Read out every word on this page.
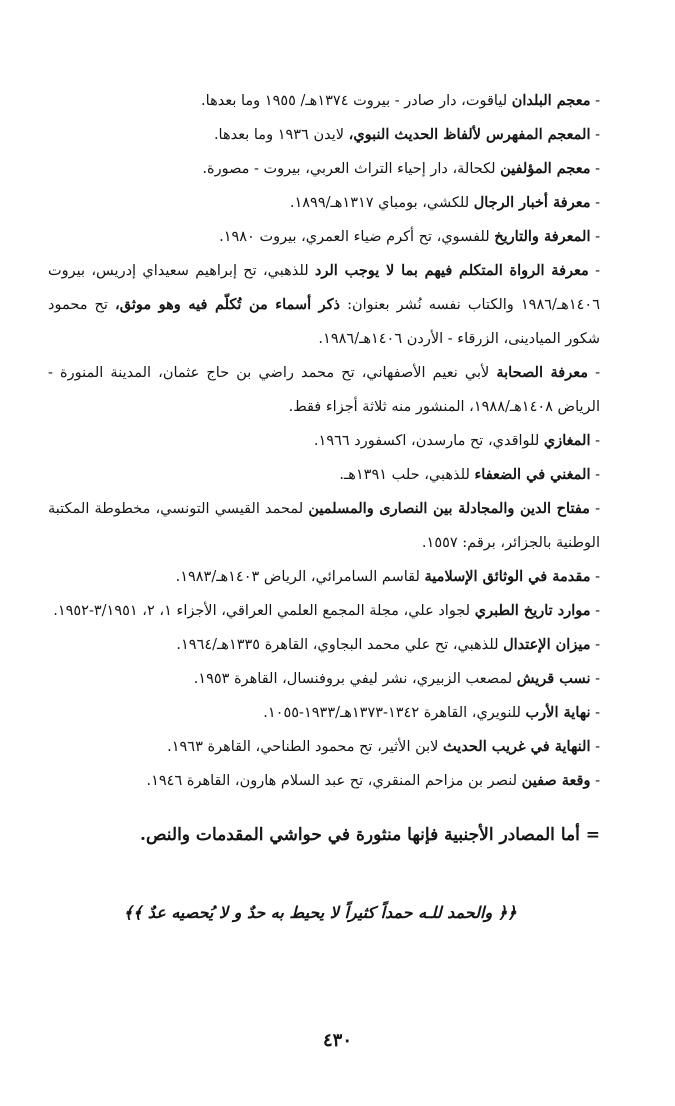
- معجم البلدان لياقوت، دار صادر - بيروت ١٣٧٤هـ/ ١٩٥٥ وما بعدها.

- المعجم المفهرس لألفاظ الحديث النبوي، لايدن ١٩٣٦ وما بعدها.

- معجم المؤلفين لكحالة، دار إحياء التراث العربي، بيروت - مصورة.

- معرفة أخبار الرجال للكشي، بومباي ١٣١٧هـ/١٨٩٩.

- المعرفة والتاريخ للفسوي، تح أكرم ضياء العمري، بيروت ١٩٨٠.

- معرفة الرواة المتكلم فيهم بما لا يوجب الرد للذهبي، تح إبراهيم سعيداي إدريس، بيروت ١٤٠٦هـ/١٩٨٦ والكتاب نفسه نُشر بعنوان: ذكر أسماء من تُكلّم فيه وهو موثق، تح محمود شكور الميادينى، الزرقاء - الأردن ١٤٠٦هـ/١٩٨٦.

- معرفة الصحابة لأبي نعيم الأصفهاني، تح محمد راضي بن حاج عثمان، المدينة المنورة - الرياض ١٤٠٨هـ/١٩٨٨، المنشور منه ثلاثة أجزاء فقط.

- المغازي للواقدي، تح مارسدن، اكسفورد ١٩٦٦.

- المغني في الضعفاء للذهبي، حلب ١٣٩١هـ.

- مفتاح الدين والمجادلة بين النصارى والمسلمين لمحمد القيسي التونسي، مخطوطة المكتبة الوطنية بالجزائر، برقم: ١٥٥٧.

- مقدمة في الوثائق الإسلامية لقاسم السامرائي، الرياض ١٤٠٣هـ/١٩٨٣.

- موارد تاريخ الطبري لجواد علي، مجلة المجمع العلمي العراقي، الأجزاء ١، ٢، ٣/١٩٥١-١٩٥٢.

- ميزان الإعتدال للذهبي، تح علي محمد البجاوي، القاهرة ١٣٣٥هـ/١٩٦٤.

- نسب قريش لمصعب الزبيري، نشر ليفي بروفنسال، القاهرة ١٩٥٣.

- نهاية الأرب للنويري، القاهرة ١٣٤٢-١٣٧٣هـ/١٩٣٣-١٠٥٥.

- النهاية في غريب الحديث لابن الأثير، تح محمود الطناحي، القاهرة ١٩٦٣.

- وقعة صفين لنصر بن مزاحم المنقري، تح عبد السلام هارون، القاهرة ١٩٤٦.

= أما المصادر الأجنبية فإنها منثورة في حواشي المقدمات والنص.
﴿﴿ والحمد للـه حمداً كثيراً لا يحيط به حدٌ و لا يُحصيه عدٌ ﴾﴾
٤٣٠
